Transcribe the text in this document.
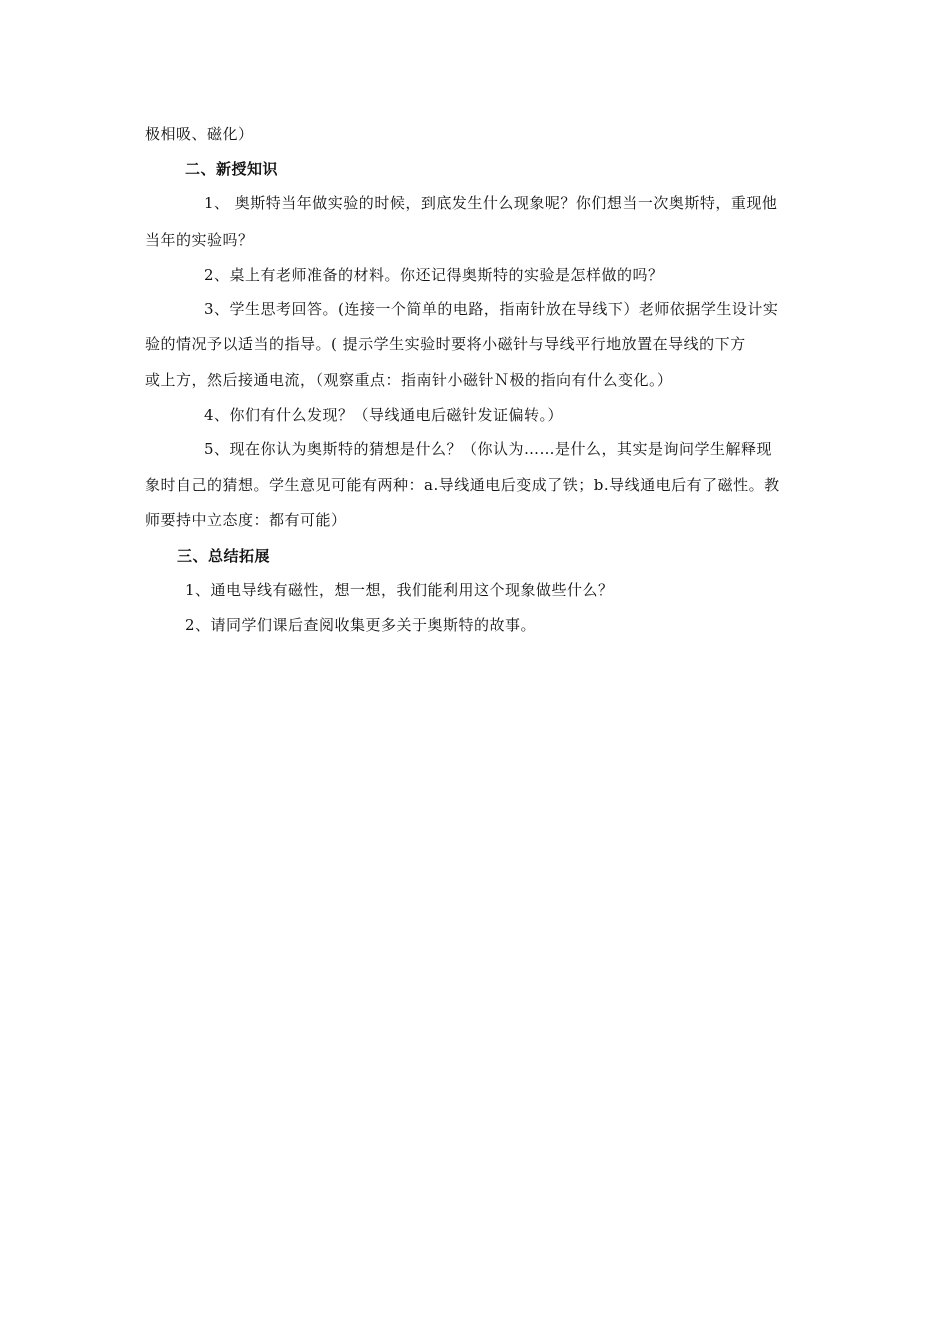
极相吸、磁化）
二、新授知识
1、 奥斯特当年做实验的时候，到底发生什么现象呢？你们想当一次奥斯特，重现他
当年的实验吗？
2、桌上有老师准备的材料。你还记得奥斯特的实验是怎样做的吗？
3、学生思考回答。(连接一个简单的电路，指南针放在导线下）老师依据学生设计实
验的情况予以适当的指导。( 提示学生实验时要将小磁针与导线平行地放置在导线的下方
或上方，然后接通电流，（观察重点：指南针小磁针Ｎ极的指向有什么变化。）
4、你们有什么发现？（导线通电后磁针发证偏转。）
5、现在你认为奥斯特的猜想是什么？（你认为……是什么，其实是询问学生解释现
象时自己的猜想。学生意见可能有两种：a.导线通电后变成了铁；b.导线通电后有了磁性。教
师要持中立态度：都有可能）
三、总结拓展
1、通电导线有磁性，想一想，我们能利用这个现象做些什么？
2、请同学们课后查阅收集更多关于奥斯特的故事。
